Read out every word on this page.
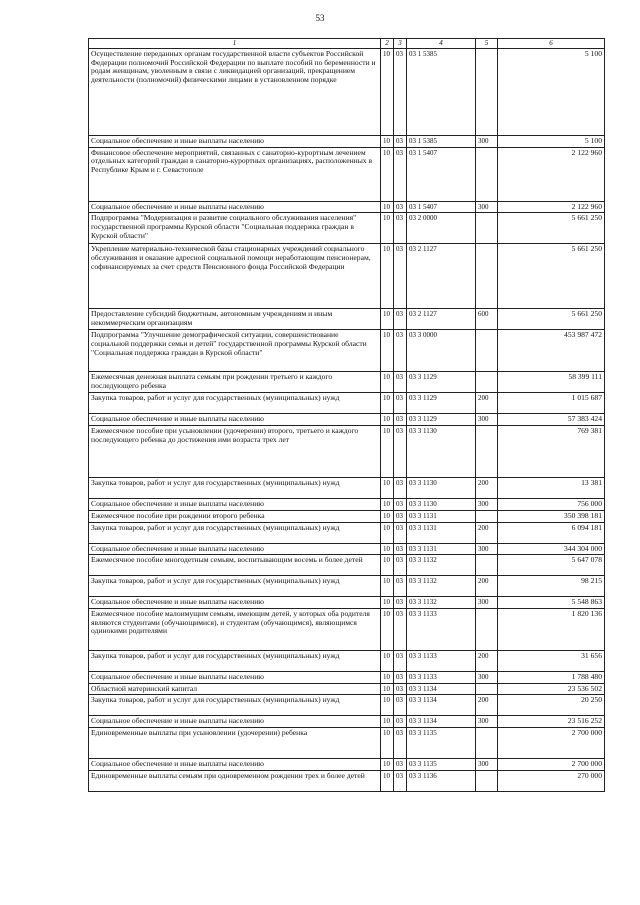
53
1	2	3	4	5	6
Осуществление переданных органам государственной власти субъектов Российской Федерации полномочий Российской Федерации по выплате пособий по беременности и родам женщинам, уволенным в связи с ликвидацией организаций, прекращением деятельности (полномочий) физическими лицами в установленном порядке	10	03	03 1 5385		5 100
Социальное обеспечение и иные выплаты населению	10	03	03 1 5385	300	5 100
Финансовое обеспечение мероприятий, связанных с санаторно-курортным лечением отдельных категорий граждан в санаторно-курортных организациях, расположенных в Республике Крым и г. Севастополе	10	03	03 1 5407		2 122 960
Социальное обеспечение и иные выплаты населению	10	03	03 1 5407	300	2 122 960
Подпрограмма "Модернизация и развитие социального обслуживания населения" государственной программы Курской области "Социальная поддержка граждан в Курской области"	10	03	03 2 0000		5 661 250
Укрепление материально-технической базы стационарных учреждений социального обслуживания и оказание адресной социальной помощи неработающим пенсионерам, софинансируемых за счет средств Пенсионного фонда Российской Федерации	10	03	03 2 1127		5 661 250
Предоставление субсидий бюджетным, автономным учреждениям и иным некоммерческим организациям	10	03	03 2 1127	600	5 661 250
Подпрограмма "Улучшение демографической ситуации, совершенствование социальной поддержки семьи и детей" государственной программы Курской области "Социальная поддержка граждан в Курской области"	10	03	03 3 0000		453 987 472
Ежемесячная денежная выплата семьям при рождении третьего и каждого последующего ребенка	10	03	03 3 1129		58 399 111
Закупка товаров, работ и услуг для государственных (муниципальных) нужд	10	03	03 3 1129	200	1 015 687
Социальное обеспечение и иные выплаты населению	10	03	03 3 1129	300	57 383 424
Ежемесячное пособие при усыновлении (удочерении) второго, третьего и каждого последующего ребенка до достижения ими возраста трех лет	10	03	03 3 1130		769 381
Закупка товаров, работ и услуг для государственных (муниципальных) нужд	10	03	03 3 1130	200	13 381
Социальное обеспечение и иные выплаты населению	10	03	03 3 1130	300	756 000
Ежемесячное пособие при рождении второго ребенка	10	03	03 3 1131		350 398 181
Закупка товаров, работ и услуг для государственных (муниципальных) нужд	10	03	03 3 1131	200	6 094 181
Социальное обеспечение и иные выплаты населению	10	03	03 3 1131	300	344 304 000
Ежемесячное пособие многодетным семьям, воспитывающим восемь и более детей	10	03	03 3 1132		5 647 078
Закупка товаров, работ и услуг для государственных (муниципальных) нужд	10	03	03 3 1132	200	98 215
Социальное обеспечение и иные выплаты населению	10	03	03 3 1132	300	5 548 863
Ежемесячное пособие малоимущим семьям, имеющим детей, у которых оба родителя являются студентами (обучающимися), и студентам (обучающимся), являющимся одинокими родителями	10	03	03 3 1133		1 820 136
Закупка товаров, работ и услуг для государственных (муниципальных) нужд	10	03	03 3 1133	200	31 656
Социальное обеспечение и иные выплаты населению	10	03	03 3 1133	300	1 788 480
Областной материнский капитал	10	03	03 3 1134		23 536 502
Закупка товаров, работ и услуг для государственных (муниципальных) нужд	10	03	03 3 1134	200	20 250
Социальное обеспечение и иные выплаты населению	10	03	03 3 1134	300	23 516 252
Единовременные выплаты при усыновлении (удочерении) ребенка	10	03	03 3 1135		2 700 000
Социальное обеспечение и иные выплаты населению	10	03	03 3 1135	300	2 700 000
Единовременные выплаты семьям при одновременном рождении трех и более детей	10	03	03 3 1136		270 000
